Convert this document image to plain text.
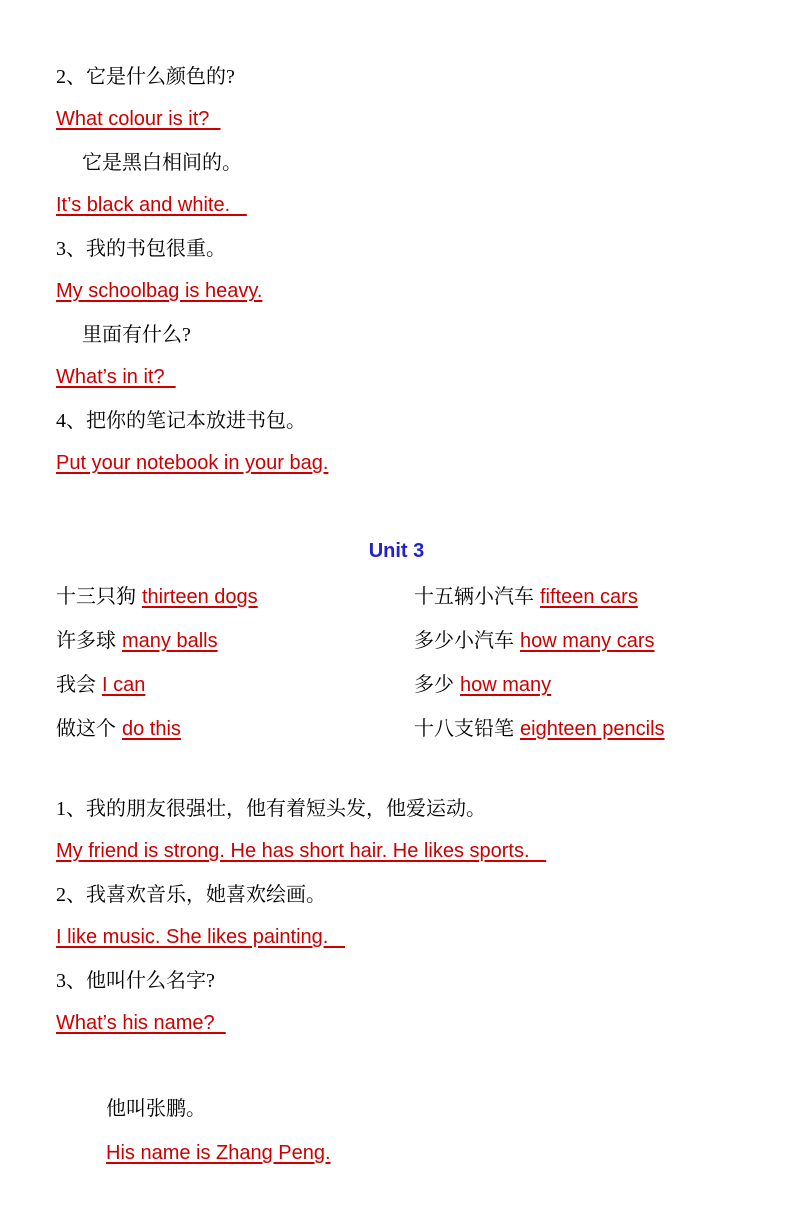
2、它是什么颜色的?
What colour is it?
它是黑白相间的。
It’s black and white.
3、我的书包很重。
My schoolbag is heavy.
里面有什么?
What’s in it?
4、把你的笔记本放进书包。
Put your notebook in your bag.
Unit 3
十三只狗 thirteen dogs	十五辆小汽车 fifteen cars
许多球 many balls	多少小汽车 how many cars
我会 I can	多少 how many
做这个 do this	十八支铅笔 eighteen pencils
1、我的朋友很强壮，他有着短头发，他爱运动。
My friend is strong. He has short hair. He likes sports.
2、我喜欢音乐，她喜欢绘画。
I like music. She likes painting.
3、他叫什么名字?
What’s his name?

他叫张鹏。
His name is Zhang Peng.
